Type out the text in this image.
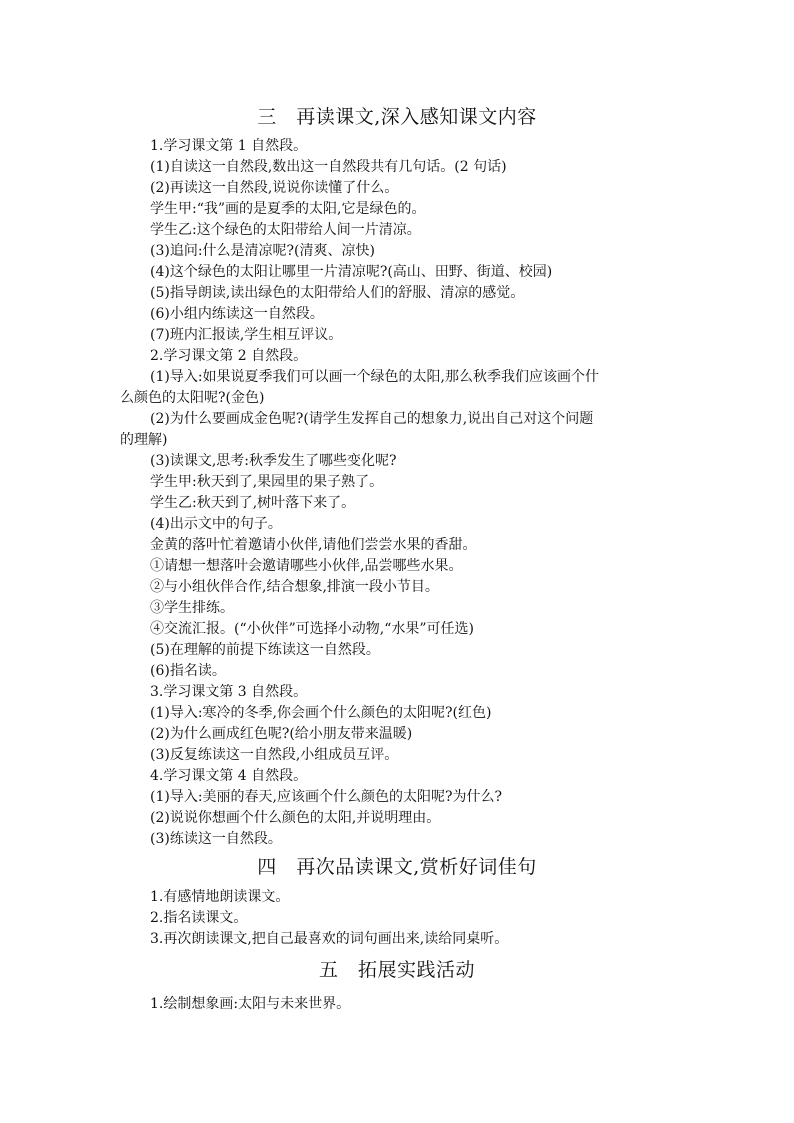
三　再读课文,深入感知课文内容

1.学习课文第 1 自然段。

(1)自读这一自然段,数出这一自然段共有几句话。(2 句话)

(2)再读这一自然段,说说你读懂了什么。

学生甲:“我”画的是夏季的太阳,它是绿色的。

学生乙:这个绿色的太阳带给人间一片清凉。

(3)追问:什么是清凉呢?(清爽、凉快)

(4)这个绿色的太阳让哪里一片清凉呢?(高山、田野、街道、校园)

(5)指导朗读,读出绿色的太阳带给人们的舒服、清凉的感觉。

(6)小组内练读这一自然段。

(7)班内汇报读,学生相互评议。

2.学习课文第 2 自然段。

(1)导入:如果说夏季我们可以画一个绿色的太阳,那么秋季我们应该画个什

么颜色的太阳呢?(金色)

(2)为什么要画成金色呢?(请学生发挥自己的想象力,说出自己对这个问题

的理解)

(3)读课文,思考:秋季发生了哪些变化呢?

学生甲:秋天到了,果园里的果子熟了。

学生乙:秋天到了,树叶落下来了。

(4)出示文中的句子。

金黄的落叶忙着邀请小伙伴,请他们尝尝水果的香甜。

①请想一想落叶会邀请哪些小伙伴,品尝哪些水果。

②与小组伙伴合作,结合想象,排演一段小节目。

③学生排练。

④交流汇报。(“小伙伴”可选择小动物,“水果”可任选)

(5)在理解的前提下练读这一自然段。

(6)指名读。

3.学习课文第 3 自然段。

(1)导入:寒冷的冬季,你会画个什么颜色的太阳呢?(红色)

(2)为什么画成红色呢?(给小朋友带来温暖)

(3)反复练读这一自然段,小组成员互评。

4.学习课文第 4 自然段。

(1)导入:美丽的春天,应该画个什么颜色的太阳呢?为什么?

(2)说说你想画个什么颜色的太阳,并说明理由。

(3)练读这一自然段。

四　再次品读课文,赏析好词佳句

1.有感情地朗读课文。

2.指名读课文。

3.再次朗读课文,把自己最喜欢的词句画出来,读给同桌听。

五　拓展实践活动

1.绘制想象画:太阳与未来世界。
